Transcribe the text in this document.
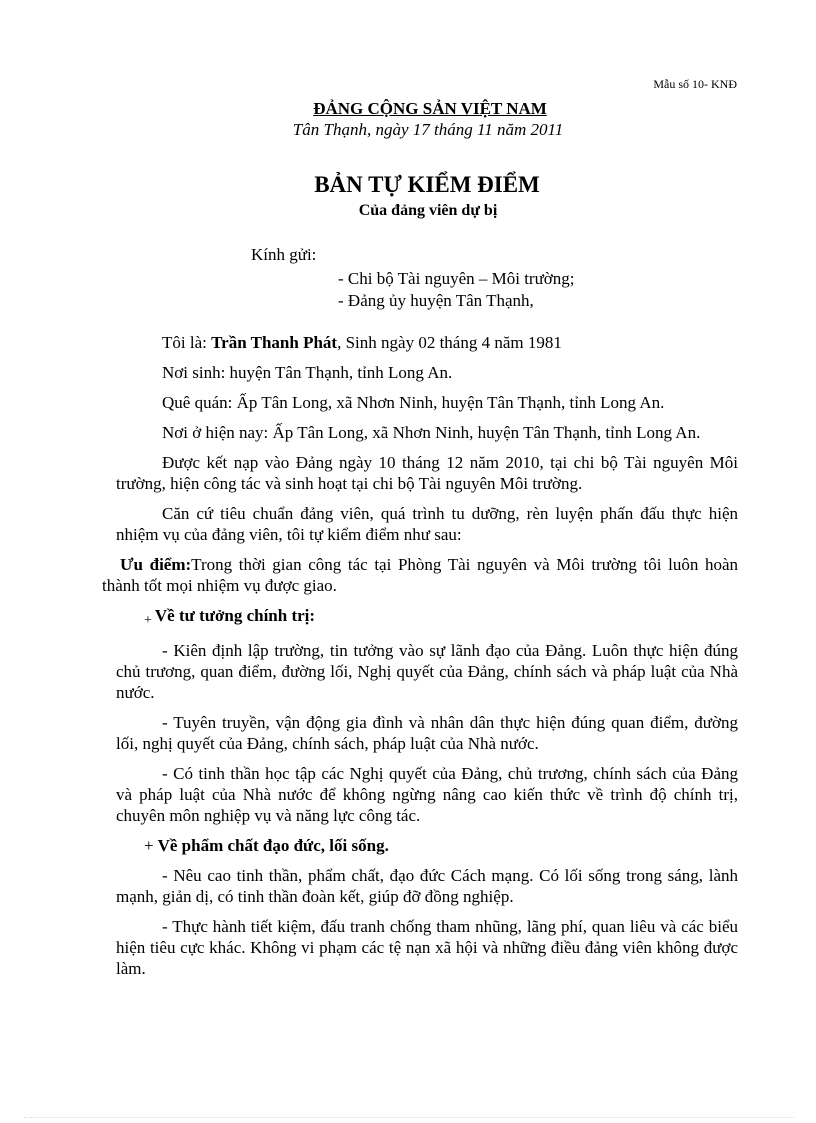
Mẫu số 10- KNĐ
ĐẢNG CỘNG SẢN VIỆT NAM
Tân Thạnh, ngày 17 tháng 11 năm 2011
BẢN TỰ KIỂM ĐIỂM
Của đảng viên dự bị
Kính gửi:
- Chi bộ Tài nguyên – Môi trường;
- Đảng ủy huyện Tân Thạnh,

Tôi là: Trần Thanh Phát, Sinh ngày 02 tháng 4 năm 1981

Nơi sinh: huyện Tân Thạnh, tỉnh Long An.

Quê quán: Ấp Tân Long, xã Nhơn Ninh, huyện Tân Thạnh, tỉnh Long An.

Nơi ở hiện nay: Ấp Tân Long, xã Nhơn Ninh, huyện Tân Thạnh, tỉnh Long An.

Được kết nạp vào Đảng ngày 10 tháng 12 năm 2010, tại chi bộ Tài nguyên Môi trường, hiện công tác và sinh hoạt tại chi bộ Tài nguyên Môi trường.

Căn cứ tiêu chuẩn đảng viên, quá trình tu dưỡng, rèn luyện phấn đấu thực hiện nhiệm vụ của đảng viên, tôi tự kiểm điểm như sau:

Ưu điểm:Trong thời gian công tác tại Phòng Tài nguyên và Môi trường tôi luôn hoàn thành tốt mọi nhiệm vụ được giao.

+ Về tư tưởng chính trị:

- Kiên định lập trường, tin tưởng vào sự lãnh đạo của Đảng. Luôn thực hiện đúng chủ trương, quan điểm, đường lối, Nghị quyết của Đảng, chính sách và pháp luật của Nhà nước.

- Tuyên truyền, vận động gia đình và nhân dân thực hiện đúng quan điểm, đường lối, nghị quyết của Đảng, chính sách, pháp luật của Nhà nước.

- Có tinh thần học tập các Nghị quyết của Đảng, chủ trương, chính sách của Đảng và pháp luật của Nhà nước để không ngừng nâng cao kiến thức về trình độ chính trị, chuyên môn nghiệp vụ và năng lực công tác.

+ Về phẩm chất đạo đức, lối sống.

- Nêu cao tinh thần, phẩm chất, đạo đức Cách mạng. Có lối sống trong sáng, lành mạnh, giản dị, có tinh thần đoàn kết, giúp đỡ đồng nghiệp.

- Thực hành tiết kiệm, đấu tranh chống tham nhũng, lãng phí, quan liêu và các biểu hiện tiêu cực khác. Không vi phạm các tệ nạn xã hội và những điều đảng viên không được làm.
